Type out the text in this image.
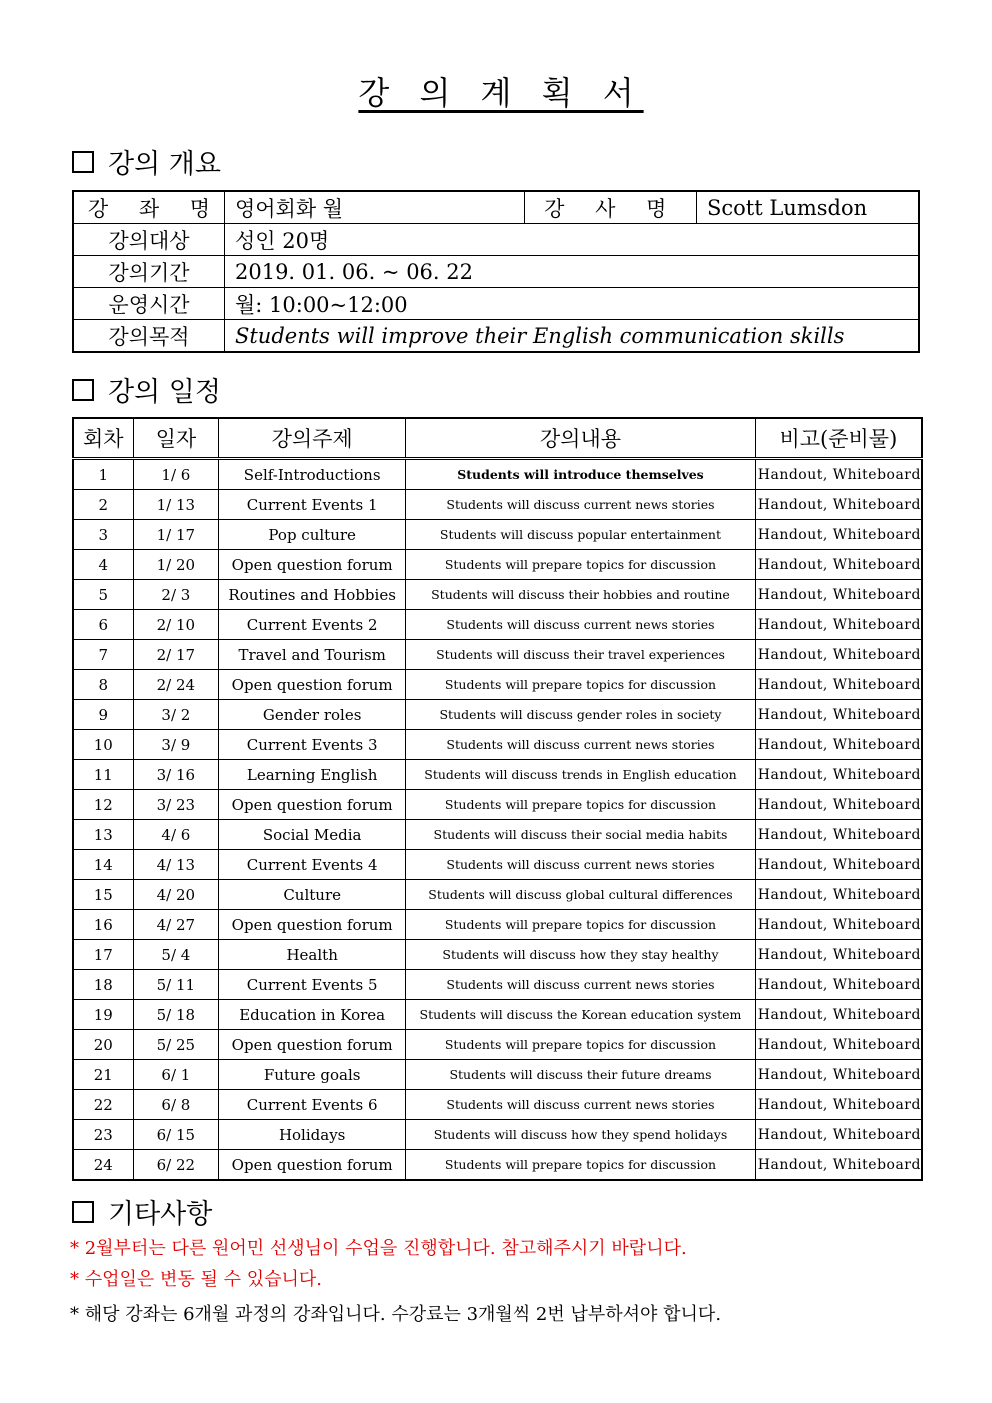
강 의 계 획 서
강의 개요
강 좌 명	영어회화 월	강 사 명	Scott Lumsdon
강의대상	성인 20명		
강의기간	2019. 01. 06. ~ 06. 22		
운영시간	월: 10:00~12:00		
강의목적	Students will improve their English communication skills		
강의 일정
회차	일자	강의주제	강의내용	비고(준비물)
1	1/ 6	Self-Introductions	Students will introduce themselves	Handout, Whiteboard
2	1/ 13	Current Events 1	Students will discuss current news stories	Handout, Whiteboard
3	1/ 17	Pop culture	Students will discuss popular entertainment	Handout, Whiteboard
4	1/ 20	Open question forum	Students will prepare topics for discussion	Handout, Whiteboard
5	2/ 3	Routines and Hobbies	Students will discuss their hobbies and routine	Handout, Whiteboard
6	2/ 10	Current Events 2	Students will discuss current news stories	Handout, Whiteboard
7	2/ 17	Travel and Tourism	Students will discuss their travel experiences	Handout, Whiteboard
8	2/ 24	Open question forum	Students will prepare topics for discussion	Handout, Whiteboard
9	3/ 2	Gender roles	Students will discuss gender roles in society	Handout, Whiteboard
10	3/ 9	Current Events 3	Students will discuss current news stories	Handout, Whiteboard
11	3/ 16	Learning English	Students will discuss trends in English education	Handout, Whiteboard
12	3/ 23	Open question forum	Students will prepare topics for discussion	Handout, Whiteboard
13	4/ 6	Social Media	Students will discuss their social media habits	Handout, Whiteboard
14	4/ 13	Current Events 4	Students will discuss current news stories	Handout, Whiteboard
15	4/ 20	Culture	Students will discuss global cultural differences	Handout, Whiteboard
16	4/ 27	Open question forum	Students will prepare topics for discussion	Handout, Whiteboard
17	5/ 4	Health	Students will discuss how they stay healthy	Handout, Whiteboard
18	5/ 11	Current Events 5	Students will discuss current news stories	Handout, Whiteboard
19	5/ 18	Education in Korea	Students will discuss the Korean education system	Handout, Whiteboard
20	5/ 25	Open question forum	Students will prepare topics for discussion	Handout, Whiteboard
21	6/ 1	Future goals	Students will discuss their future dreams	Handout, Whiteboard
22	6/ 8	Current Events 6	Students will discuss current news stories	Handout, Whiteboard
23	6/ 15	Holidays	Students will discuss how they spend holidays	Handout, Whiteboard
24	6/ 22	Open question forum	Students will prepare topics for discussion	Handout, Whiteboard
기타사항
* 2월부터는 다른 원어민 선생님이 수업을 진행합니다. 참고해주시기 바랍니다.
* 수업일은 변동 될 수 있습니다.
* 해당 강좌는 6개월 과정의 강좌입니다. 수강료는 3개월씩 2번 납부하셔야 합니다.
